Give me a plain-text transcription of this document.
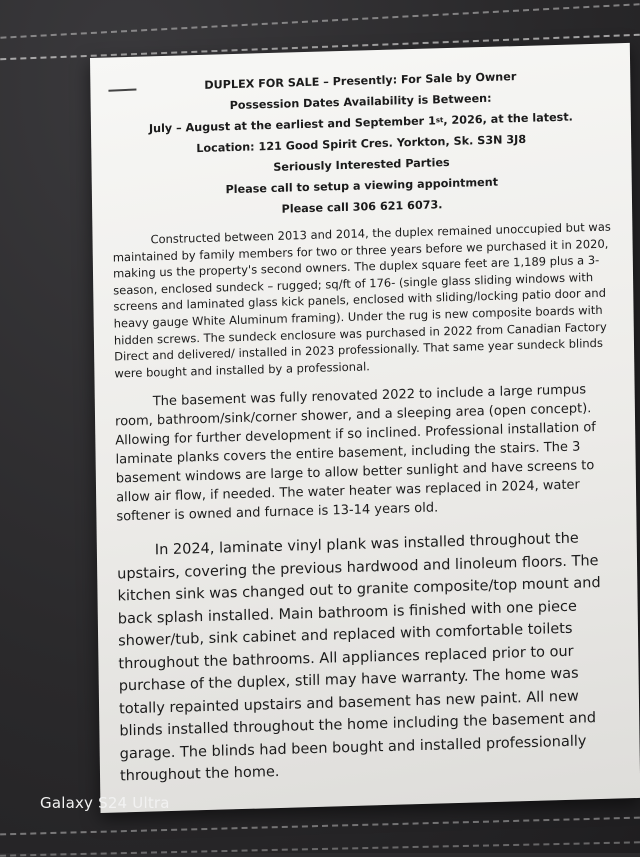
DUPLEX FOR SALE – Presently: For Sale by Owner
Possession Dates Availability is Between:
July – August at the earliest and September 1st, 2026, at the latest.
Location: 121 Good Spirit Cres. Yorkton, Sk. S3N 3J8
Seriously Interested Parties
Please call to setup a viewing appointment
Please call 306 621 6073.

Constructed between 2013 and 2014, the duplex remained unoccupied but was maintained by family members for two or three years before we purchased it in 2020, making us the property's second owners. The duplex square feet are 1,189 plus a 3-season, enclosed sundeck – rugged; sq/ft of 176- (single glass sliding windows with screens and laminated glass kick panels, enclosed with sliding/locking patio door and heavy gauge White Aluminum framing). Under the rug is new composite boards with hidden screws. The sundeck enclosure was purchased in 2022 from Canadian Factory Direct and delivered/ installed in 2023 professionally. That same year sundeck blinds were bought and installed by a professional.

The basement was fully renovated 2022 to include a large rumpus room, bathroom/sink/corner shower, and a sleeping area (open concept). Allowing for further development if so inclined. Professional installation of laminate planks covers the entire basement, including the stairs. The 3 basement windows are large to allow better sunlight and have screens to allow air flow, if needed. The water heater was replaced in 2024, water softener is owned and furnace is 13-14 years old.

In 2024, laminate vinyl plank was installed throughout the upstairs, covering the previous hardwood and linoleum floors. The kitchen sink was changed out to granite composite/top mount and back splash installed. Main bathroom is finished with one piece shower/tub, sink cabinet and replaced with comfortable toilets throughout the bathrooms. All appliances replaced prior to our purchase of the duplex, still may have warranty. The home was totally repainted upstairs and basement has new paint. All new blinds installed throughout the home including the basement and garage. The blinds had been bought and installed professionally throughout the home.

Galaxy S24 Ultra
